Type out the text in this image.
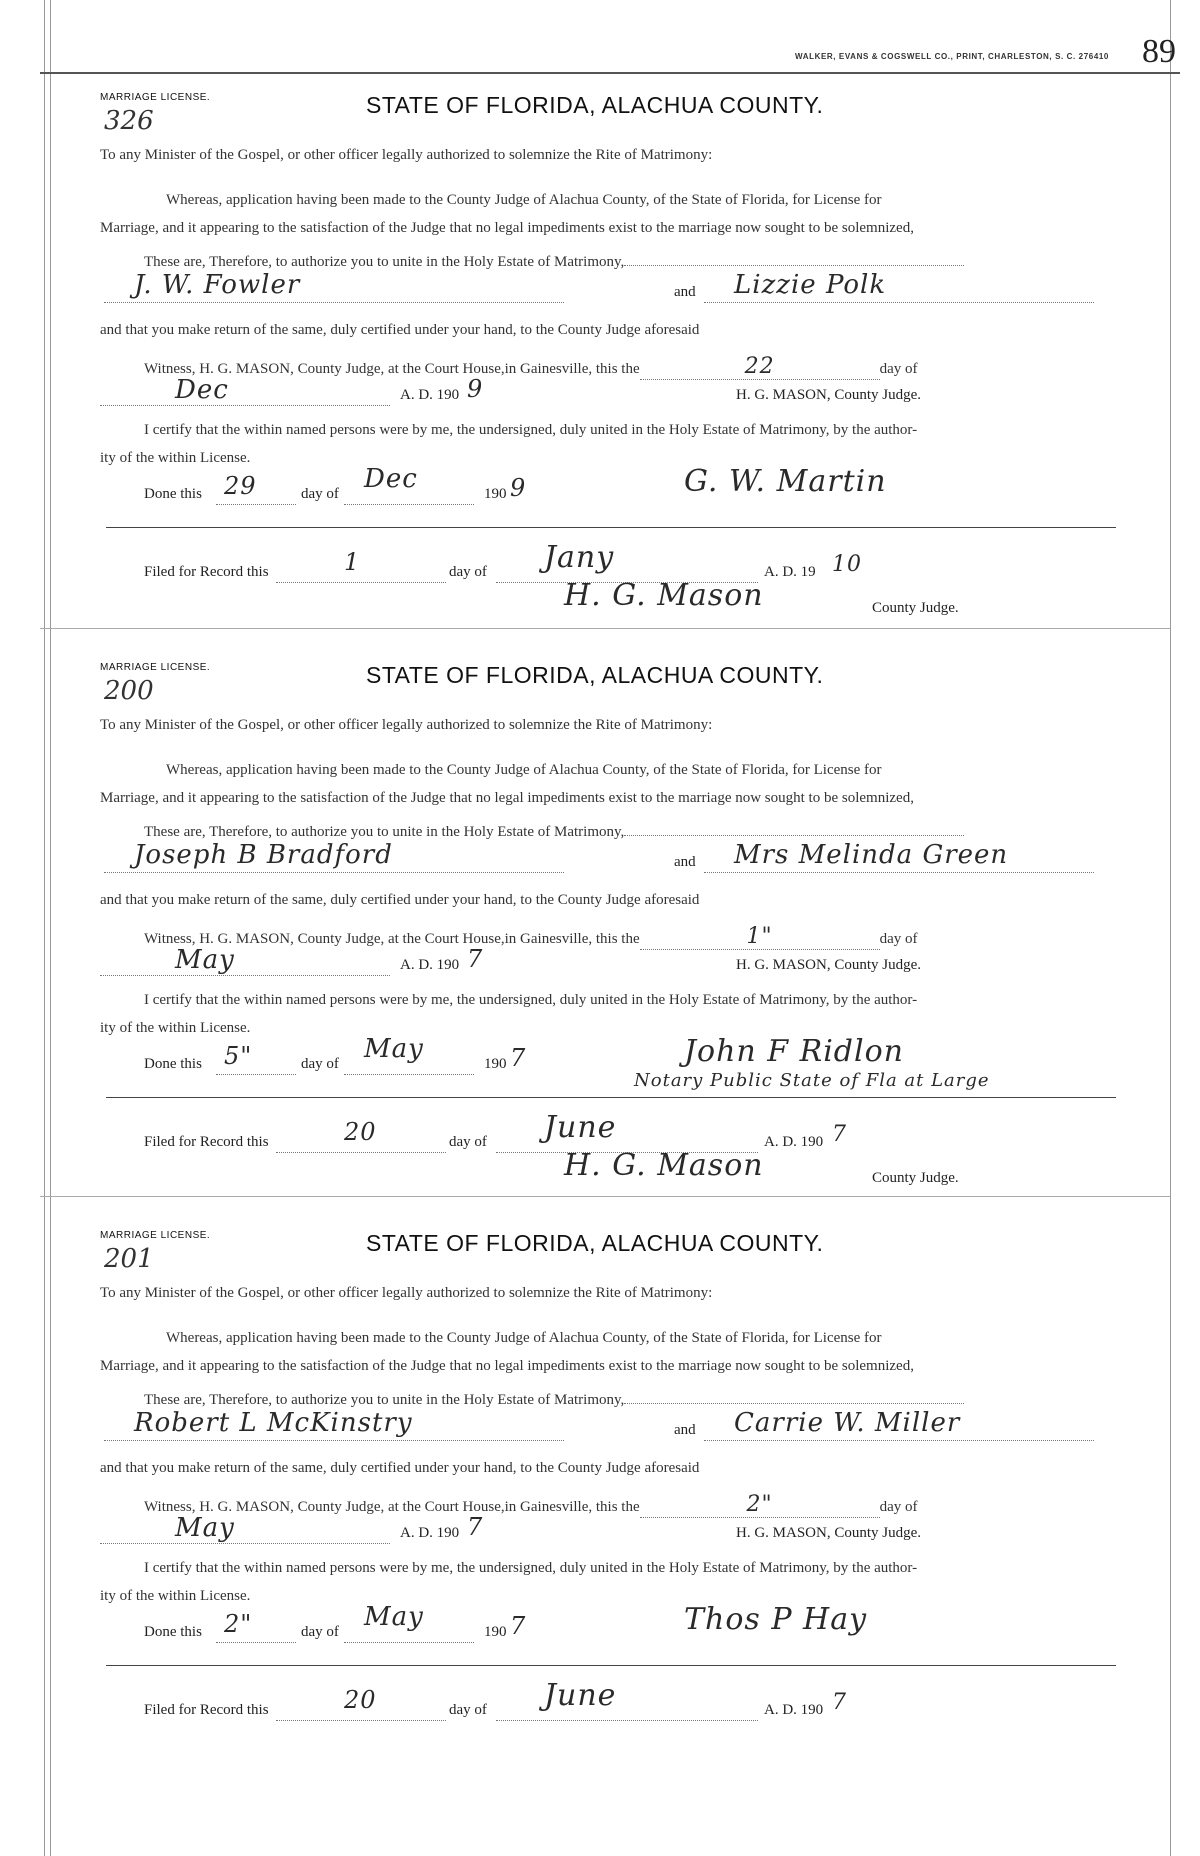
WALKER, EVANS & COGSWELL CO., PRINT, CHARLESTON, S. C. 276410 89
MARRIAGE LICENSE.
326
STATE OF FLORIDA, ALACHUA COUNTY.
To any Minister of the Gospel, or other officer legally authorized to solemnize the Rite of Matrimony:
Whereas, application having been made to the County Judge of Alachua County, of the State of Florida, for License for
Marriage, and it appearing to the satisfaction of the Judge that no legal impediments exist to the marriage now sought to be solemnized,
These are, Therefore, to authorize you to unite in the Holy Estate of Matrimony,
J. W. Fowler	and Lizzie Polk
and that you make return of the same, duly certified under your hand, to the County Judge aforesaid
Witness, H. G. MASON, County Judge, at the Court House,in Gainesville, this the	22	day of
Dec	A. D. 190 9	H. G. MASON, County Judge.
I certify that the within named persons were by me, the undersigned, duly united in the Holy Estate of Matrimony, by the author-
ity of the within License.
Done this 29	day of Dec	190 9	G. W. Martin
Filed for Record this	1	day of Jany	A. D. 19 10
H. G. Mason	County Judge.
MARRIAGE LICENSE.
200
STATE OF FLORIDA, ALACHUA COUNTY.
To any Minister of the Gospel, or other officer legally authorized to solemnize the Rite of Matrimony:
Whereas, application having been made to the County Judge of Alachua County, of the State of Florida, for License for
Marriage, and it appearing to the satisfaction of the Judge that no legal impediments exist to the marriage now sought to be solemnized,
These are, Therefore, to authorize you to unite in the Holy Estate of Matrimony,
Joseph B Bradford	and Mrs Melinda Green
and that you make return of the same, duly certified under your hand, to the County Judge aforesaid
Witness, H. G. MASON, County Judge, at the Court House,in Gainesville, this the	1"	day of
May	A. D. 190 7	H. G. MASON, County Judge.
I certify that the within named persons were by me, the undersigned, duly united in the Holy Estate of Matrimony, by the author-
ity of the within License.
Done this 5"	day of May	190 7	John F Ridlon
Notary Public State of Fla at Large
Filed for Record this	20	day of June	A. D. 190 7
H. G. Mason	County Judge.
MARRIAGE LICENSE.
201
STATE OF FLORIDA, ALACHUA COUNTY.
To any Minister of the Gospel, or other officer legally authorized to solemnize the Rite of Matrimony:
Whereas, application having been made to the County Judge of Alachua County, of the State of Florida, for License for
Marriage, and it appearing to the satisfaction of the Judge that no legal impediments exist to the marriage now sought to be solemnized,
These are, Therefore, to authorize you to unite in the Holy Estate of Matrimony,
Robert L McKinstry	and Carrie W. Miller
and that you make return of the same, duly certified under your hand, to the County Judge aforesaid
Witness, H. G. MASON, County Judge, at the Court House,in Gainesville, this the	2"	day of
May	A. D. 190 7	H. G. MASON, County Judge.
I certify that the within named persons were by me, the undersigned, duly united in the Holy Estate of Matrimony, by the author-
ity of the within License.
Done this 2"	day of May	190 7	Thos P Hay
Filed for Record this	20	day of June	A. D. 190 7
